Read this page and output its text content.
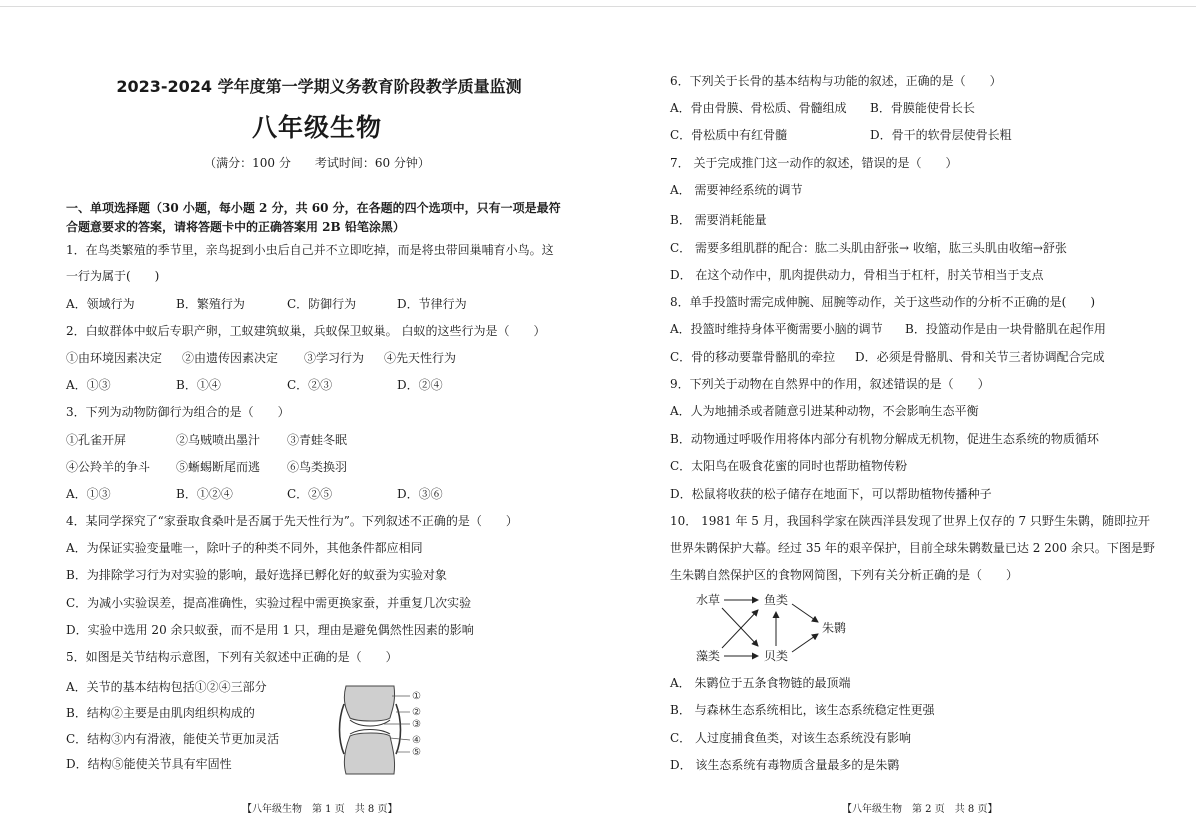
2023-2024 学年度第一学期义务教育阶段教学质量监测
八年级生物
（满分：100 分　　考试时间：60 分钟）
一、单项选择题（30 小题，每小题 2 分，共 60 分，在各题的四个选项中，只有一项是最符
合题意要求的答案，请将答题卡中的正确答案用 2B 铅笔涂黑）
1．在鸟类繁殖的季节里，亲鸟捉到小虫后自己并不立即吃掉，而是将虫带回巢哺育小鸟。这
一行为属于(　　)
A．领域行为	B．繁殖行为	C．防御行为	D．节律行为
2．白蚁群体中蚁后专职产卵，工蚁建筑蚁巢，兵蚁保卫蚁巢。 白蚁的这些行为是（　　）
①由环境因素决定 ②由遗传因素决定 ③学习行为 ④先天性行为
A．①③	B．①④	C．②③	D．②④
3．下列为动物防御行为组合的是（　　）
①孔雀开屏	②乌贼喷出墨汁 ③青蛙冬眠
④公羚羊的争斗 ⑤蜥蜴断尾而逃 ⑥鸟类换羽
A．①③	B．①②④	C．②⑤	D．③⑥
4．某同学探究了“家蚕取食桑叶是否属于先天性行为”。下列叙述不正确的是（　　）
A．为保证实验变量唯一，除叶子的种类不同外，其他条件都应相同
B．为排除学习行为对实验的影响，最好选择已孵化好的蚁蚕为实验对象
C．为减小实验误差，提高准确性，实验过程中需更换家蚕，并重复几次实验
D．实验中选用 20 余只蚁蚕，而不是用 1 只，理由是避免偶然性因素的影响
5．如图是关节结构示意图，下列有关叙述中正确的是（　　）
A．关节的基本结构包括①②④三部分
B．结构②主要是由肌肉组织构成的
C．结构③内有滑液，能使关节更加灵活
D．结构⑤能使关节具有牢固性
①
②
③
④
⑤
【八年级生物　第 1 页　共 8 页】
6．下列关于长骨的基本结构与功能的叙述，正确的是（　　）
A．骨由骨膜、骨松质、骨髓组成 B．骨膜能使骨长长
C．骨松质中有红骨髓	D．骨干的软骨层使骨长粗
7． 关于完成推门这一动作的叙述，错误的是（　　）
A． 需要神经系统的调节
B． 需要消耗能量
C． 需要多组肌群的配合：肱二头肌由舒张→ 收缩，肱三头肌由收缩→舒张
D． 在这个动作中，肌肉提供动力，骨相当于杠杆，肘关节相当于支点
8．单手投篮时需完成伸腕、屈腕等动作，关于这些动作的分析不正确的是(　　)
A．投篮时维持身体平衡需要小脑的调节 B．投篮动作是由一块骨骼肌在起作用
C．骨的移动要靠骨骼肌的牵拉 D．必须是骨骼肌、骨和关节三者协调配合完成
9．下列关于动物在自然界中的作用，叙述错误的是（　　）
A．人为地捕杀或者随意引进某种动物，不会影响生态平衡
B．动物通过呼吸作用将体内部分有机物分解成无机物，促进生态系统的物质循环
C．太阳鸟在吸食花蜜的同时也帮助植物传粉
D．松鼠将收获的松子储存在地面下，可以帮助植物传播种子
10． 1981 年 5 月，我国科学家在陕西洋县发现了世界上仅存的 7 只野生朱鹮，随即拉开
世界朱鹮保护大幕。经过 35 年的艰辛保护，目前全球朱鹮数量已达 2 200 余只。下图是野
生朱鹮自然保护区的食物网简图，下列有关分析正确的是（　　）
水草	鱼类
藻类	贝类
朱鹮
A． 朱鹮位于五条食物链的最顶端
B． 与森林生态系统相比，该生态系统稳定性更强
C． 人过度捕食鱼类，对该生态系统没有影响
D． 该生态系统有毒物质含量最多的是朱鹮
【八年级生物　第 2 页　共 8 页】
